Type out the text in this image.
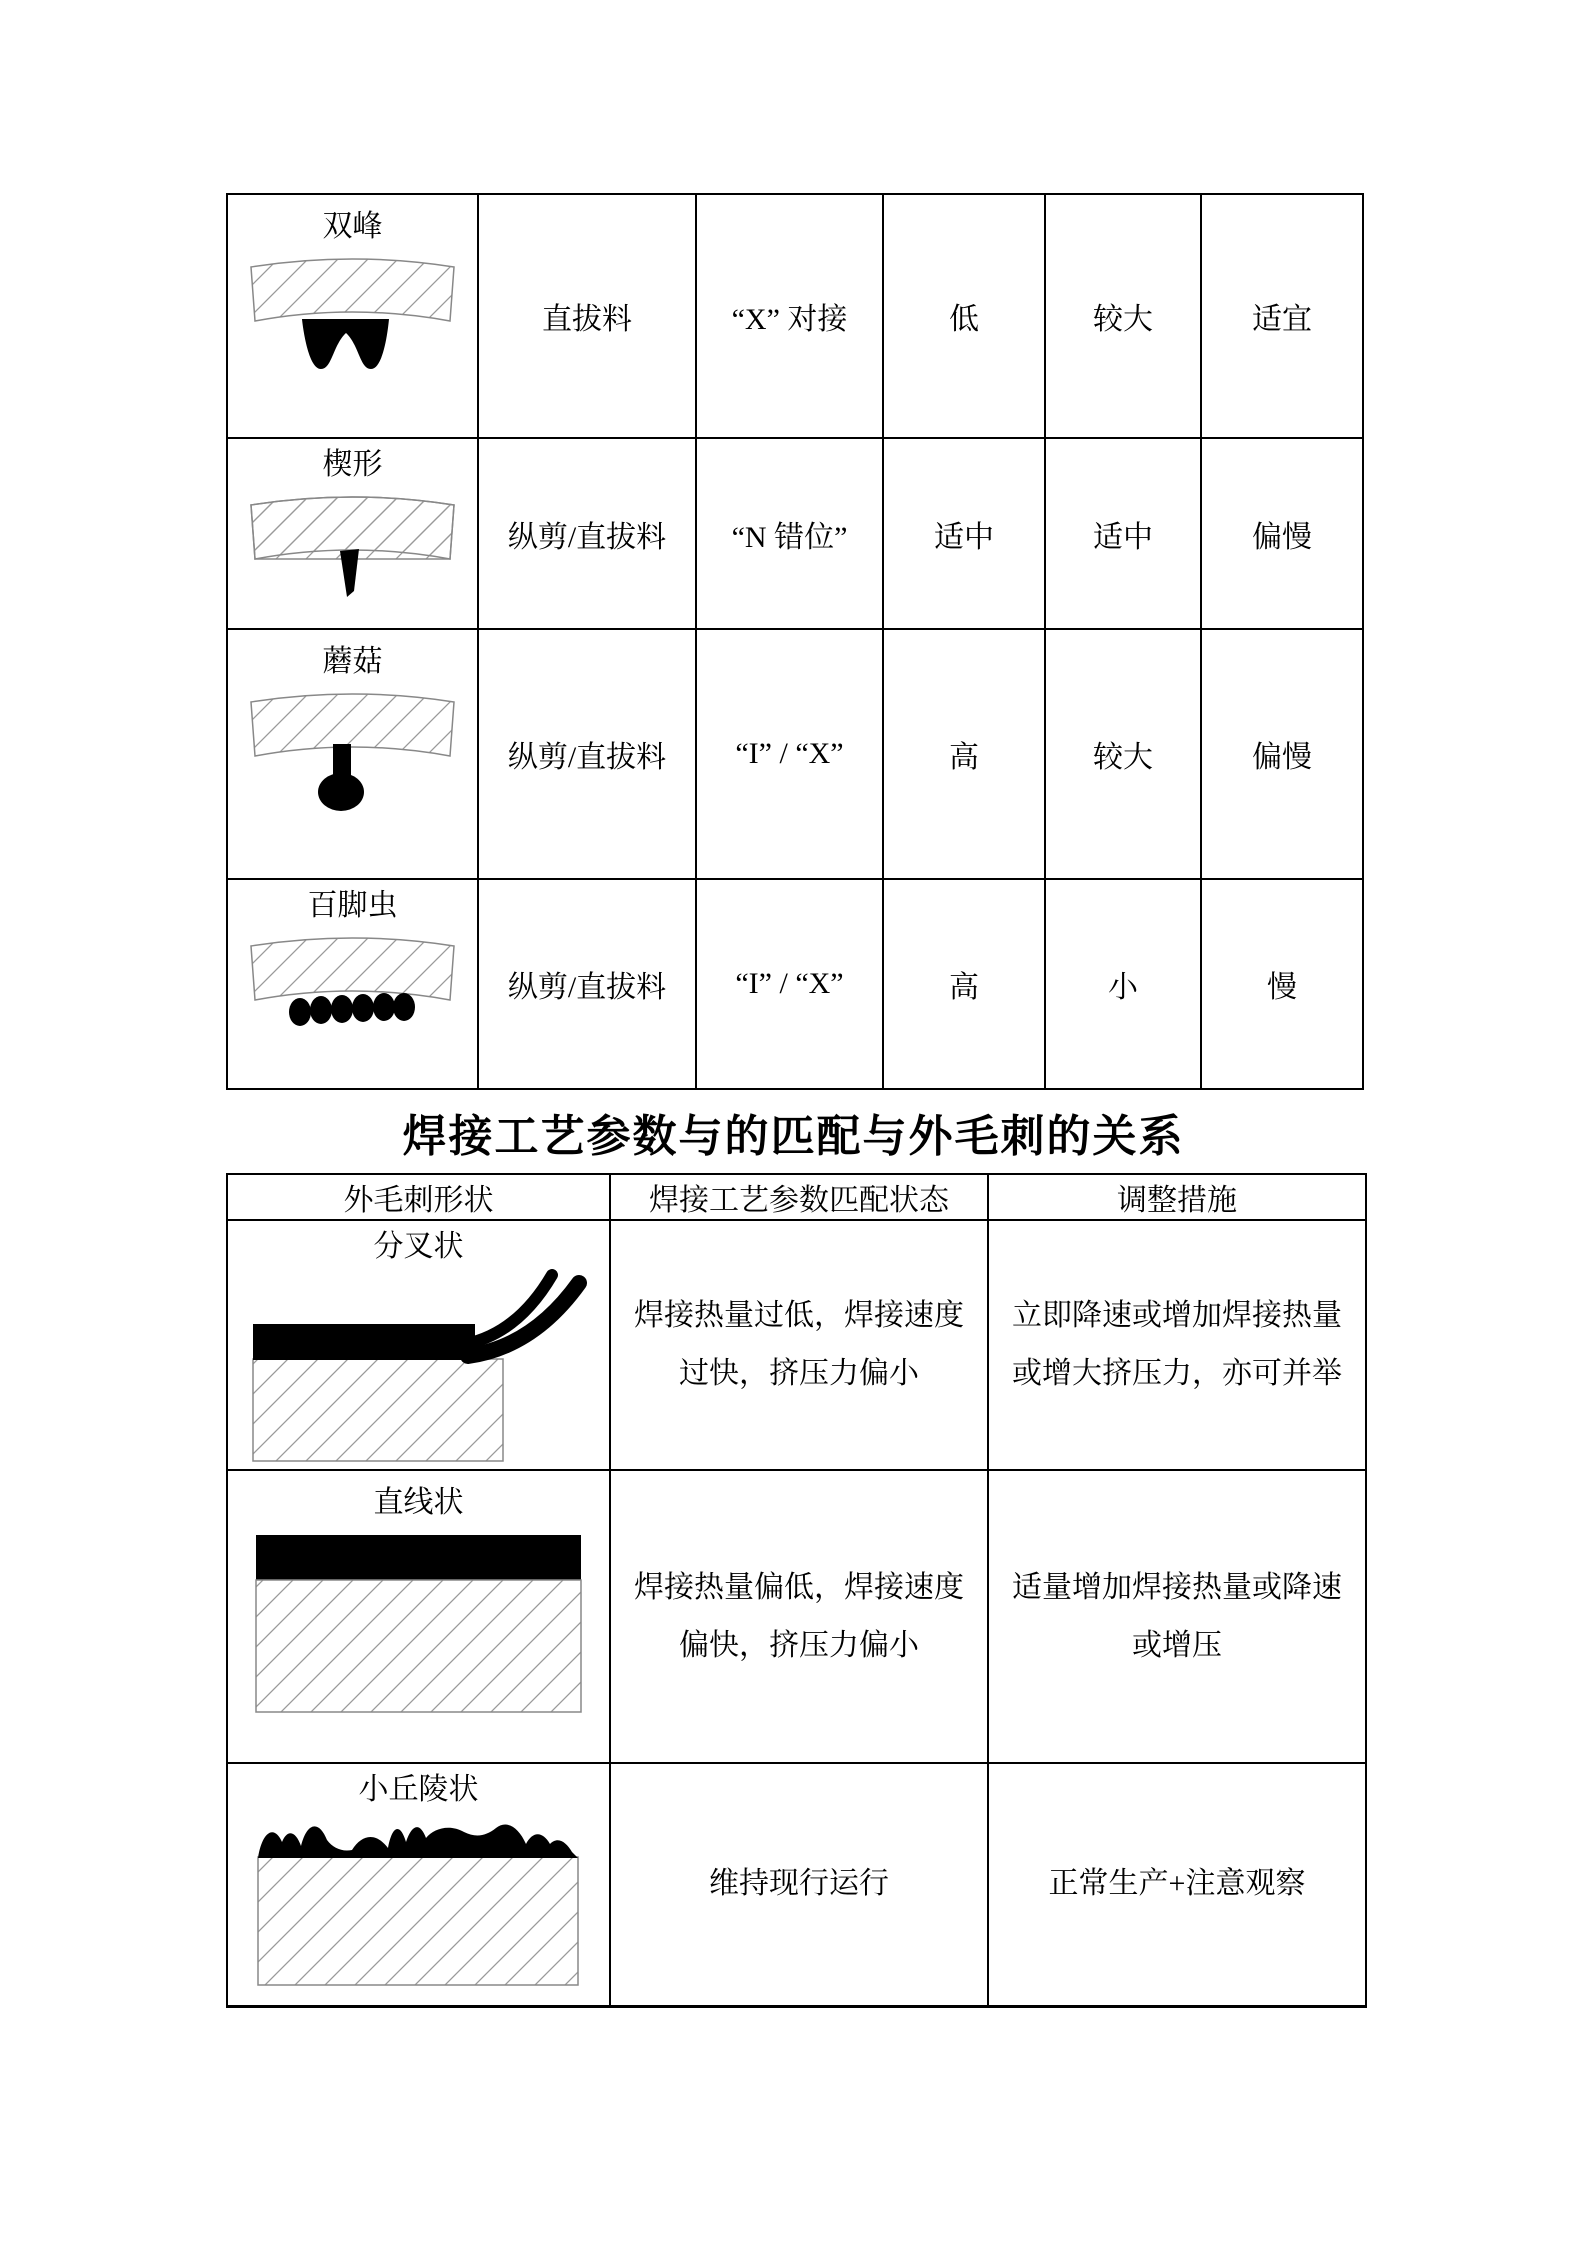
双峰	直拔料	“X” 对接	低	较大	适宜

楔形	纵剪/直拔料	“N 错位”	适中	适中	偏慢

蘑菇	纵剪/直拔料	“I” / “X”	高	较大	偏慢

百脚虫	纵剪/直拔料	“I” / “X”	高	小	慢
焊接工艺参数与的匹配与外毛刺的关系
外毛刺形状	焊接工艺参数匹配状态	调整措施

分叉状	焊接热量过低，焊接速度过快，挤压力偏小	立即降速或增加焊接热量或增大挤压力，亦可并举

直线状	焊接热量偏低，焊接速度偏快，挤压力偏小	适量增加焊接热量或降速或增压

小丘陵状	维持现行运行	正常生产+注意观察
